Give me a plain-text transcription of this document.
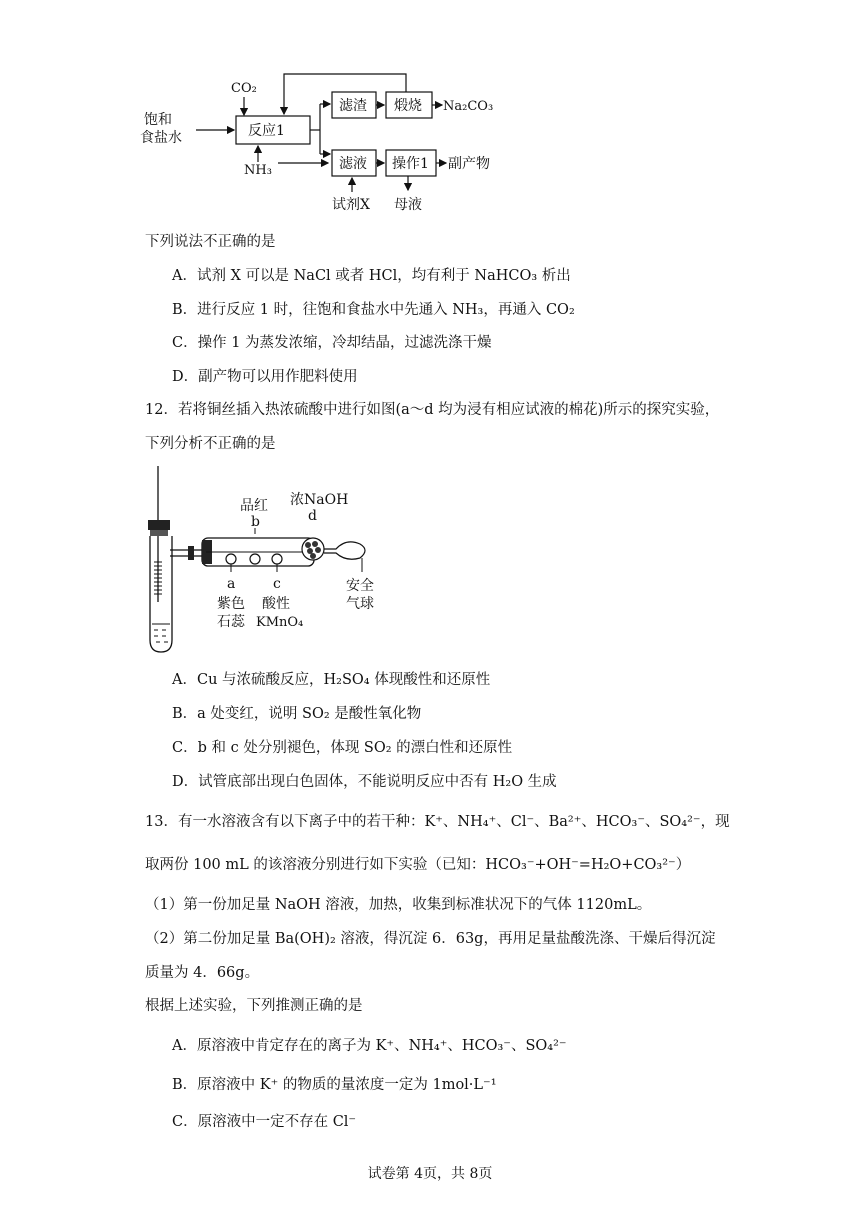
饱和
食盐水
CO₂
反应1
NH₃
滤渣 煅烧 Na₂CO₃
滤液 操作1 副产物
试剂X 母液
下列说法不正确的是
A．试剂 X 可以是 NaCl 或者 HCl，均有利于 NaHCO₃ 析出
B．进行反应 1 时，往饱和食盐水中先通入 NH₃，再通入 CO₂
C．操作 1 为蒸发浓缩，冷却结晶，过滤洗涤干燥
D．副产物可以用作肥料使用
12．若将铜丝插入热浓硫酸中进行如图(a～d 均为浸有相应试液的棉花)所示的探究实验，
下列分析不正确的是
品红
b
浓NaOH
d
a	c
紫色
石蕊
酸性
KMnO₄
安全
气球
A．Cu 与浓硫酸反应，H₂SO₄ 体现酸性和还原性
B．a 处变红，说明 SO₂ 是酸性氧化物
C．b 和 c 处分别褪色，体现 SO₂ 的漂白性和还原性
D．试管底部出现白色固体，不能说明反应中否有 H₂O 生成
13．有一水溶液含有以下离子中的若干种：K⁺、NH₄⁺、Cl⁻、Ba²⁺、HCO₃⁻、SO₄²⁻，现
取两份 100 mL 的该溶液分别进行如下实验（已知：HCO₃⁻+OH⁻=H₂O+CO₃²⁻）
（1）第一份加足量 NaOH 溶液，加热，收集到标准状况下的气体 1120mL。
（2）第二份加足量 Ba(OH)₂ 溶液，得沉淀 6．63g，再用足量盐酸洗涤、干燥后得沉淀
质量为 4．66g。
根据上述实验，下列推测正确的是
A．原溶液中肯定存在的离子为 K⁺、NH₄⁺、HCO₃⁻、SO₄²⁻
B．原溶液中 K⁺ 的物质的量浓度一定为 1mol·L⁻¹
C．原溶液中一定不存在 Cl⁻
试卷第 4页，共 8页
